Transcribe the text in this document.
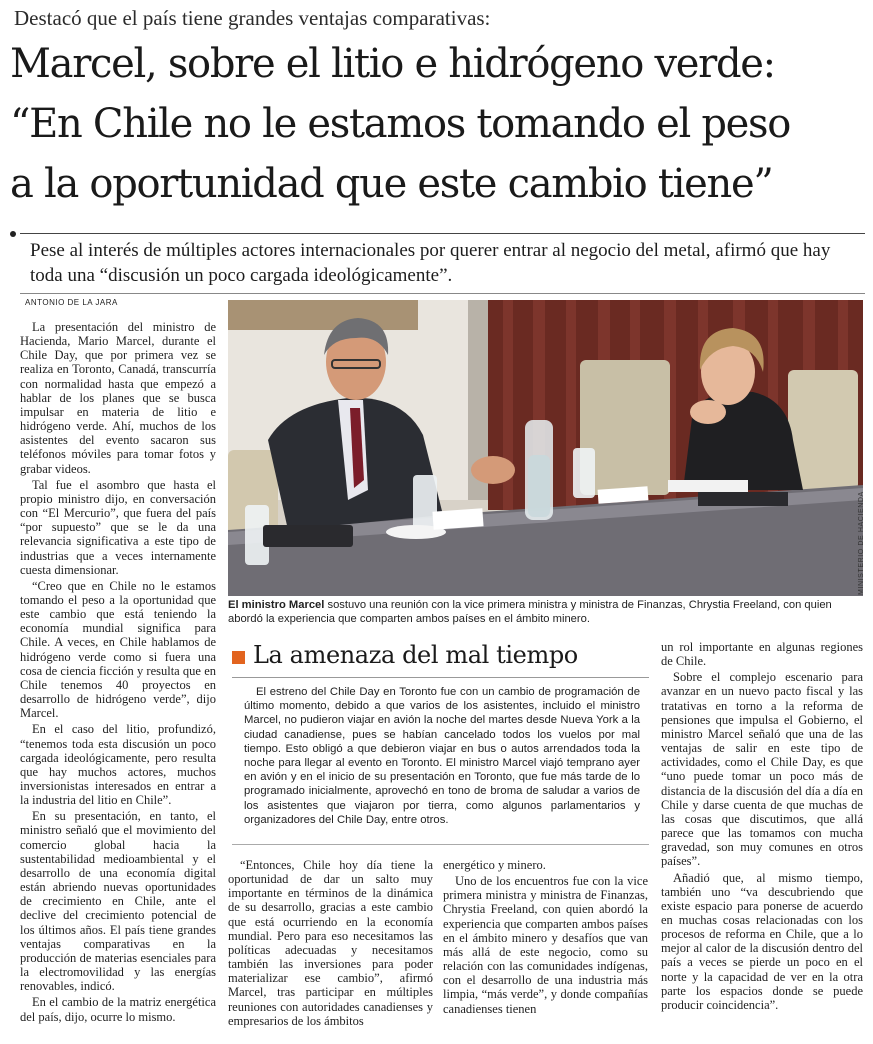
Destacó que el país tiene grandes ventajas comparativas:
Marcel, sobre el litio e hidrógeno verde:
“En Chile no le estamos tomando el peso
a la oportunidad que este cambio tiene”
Pese al interés de múltiples actores internacionales por querer entrar al negocio del metal, afirmó que hay toda una “discusión un poco cargada ideológicamente”.
ANTONIO DE LA JARA

La presentación del ministro de Hacienda, Mario Marcel, durante el Chile Day, que por primera vez se realiza en Toronto, Canadá, transcurría con normalidad hasta que empezó a hablar de los planes que se busca impulsar en materia de litio e hidrógeno verde. Ahí, muchos de los asistentes del evento sacaron sus teléfonos móviles para tomar fotos y grabar videos.

Tal fue el asombro que hasta el propio ministro dijo, en conversación con “El Mercurio”, que fuera del país “por supuesto” que se le da una relevancia significativa a este tipo de industrias que a veces internamente cuesta dimensionar.

“Creo que en Chile no le estamos tomando el peso a la oportunidad que este cambio que está teniendo la economía mundial significa para Chile. A veces, en Chile hablamos de hidrógeno verde como si fuera una cosa de ciencia ficción y resulta que en Chile tenemos 40 proyectos en desarrollo de hidrógeno verde”, dijo Marcel.

En el caso del litio, profundizó, “tenemos toda esta discusión un poco cargada ideológicamente, pero resulta que hay muchos actores, muchos inversionistas interesados en entrar a la industria del litio en Chile”.

En su presentación, en tanto, el ministro señaló que el movimiento del comercio global hacia la sustentabilidad medioambiental y el desarrollo de una economía digital están abriendo nuevas oportunidades de crecimiento en Chile, ante el declive del crecimiento potencial de los últimos años. El país tiene grandes ventajas comparativas en la producción de materias esenciales para la electromovilidad y las energías renovables, indicó.

En el cambio de la matriz energética del país, dijo, ocurre lo mismo.

MINISTERIO DE HACIENDA
El ministro Marcel sostuvo una reunión con la vice primera ministra y ministra de Finanzas, Chrystia Freeland, con quien abordó la experiencia que comparten ambos países en el ámbito minero.
La amenaza del mal tiempo

El estreno del Chile Day en Toronto fue con un cambio de programación de último momento, debido a que varios de los asistentes, incluido el ministro Marcel, no pudieron viajar en avión la noche del martes desde Nueva York a la ciudad canadiense, pues se habían cancelado todos los vuelos por mal tiempo. Esto obligó a que debieron viajar en bus o autos arrendados toda la noche para llegar al evento en Toronto. El ministro Marcel viajó temprano ayer en avión y en el inicio de su presentación en Toronto, que fue más tarde de lo programado inicialmente, aprovechó en tono de broma de saludar a varios de los asistentes que viajaron por tierra, como algunos parlamentarios y organizadores del Chile Day, entre otros.

“Entonces, Chile hoy día tiene la oportunidad de dar un salto muy importante en términos de la dinámica de su desarrollo, gracias a este cambio que está ocurriendo en la economía mundial. Pero para eso necesitamos las políticas adecuadas y necesitamos también las inversiones para poder materializar ese cambio”, afirmó Marcel, tras participar en múltiples reuniones con autoridades canadienses y empresarios de los ámbitos

energético y minero.

Uno de los encuentros fue con la vice primera ministra y ministra de Finanzas, Chrystia Freeland, con quien abordó la experiencia que comparten ambos países en el ámbito minero y desafíos que van más allá de este negocio, como su relación con las comunidades indígenas, con el desarrollo de una industria más limpia, “más verde”, y donde compañías canadienses tienen

un rol importante en algunas regiones de Chile.

Sobre el complejo escenario para avanzar en un nuevo pacto fiscal y las tratativas en torno a la reforma de pensiones que impulsa el Gobierno, el ministro Marcel señaló que una de las ventajas de salir en este tipo de actividades, como el Chile Day, es que “uno puede tomar un poco más de distancia de la discusión del día a día en Chile y darse cuenta de que muchas de las cosas que discutimos, que allá parece que las tomamos con mucha gravedad, son muy comunes en otros países”.

Añadió que, al mismo tiempo, también uno “va descubriendo que existe espacio para ponerse de acuerdo en muchas cosas relacionadas con los procesos de reforma en Chile, que a lo mejor al calor de la discusión dentro del país a veces se pierde un poco en el norte y la capacidad de ver en la otra parte los espacios donde se puede producir coincidencia”.
